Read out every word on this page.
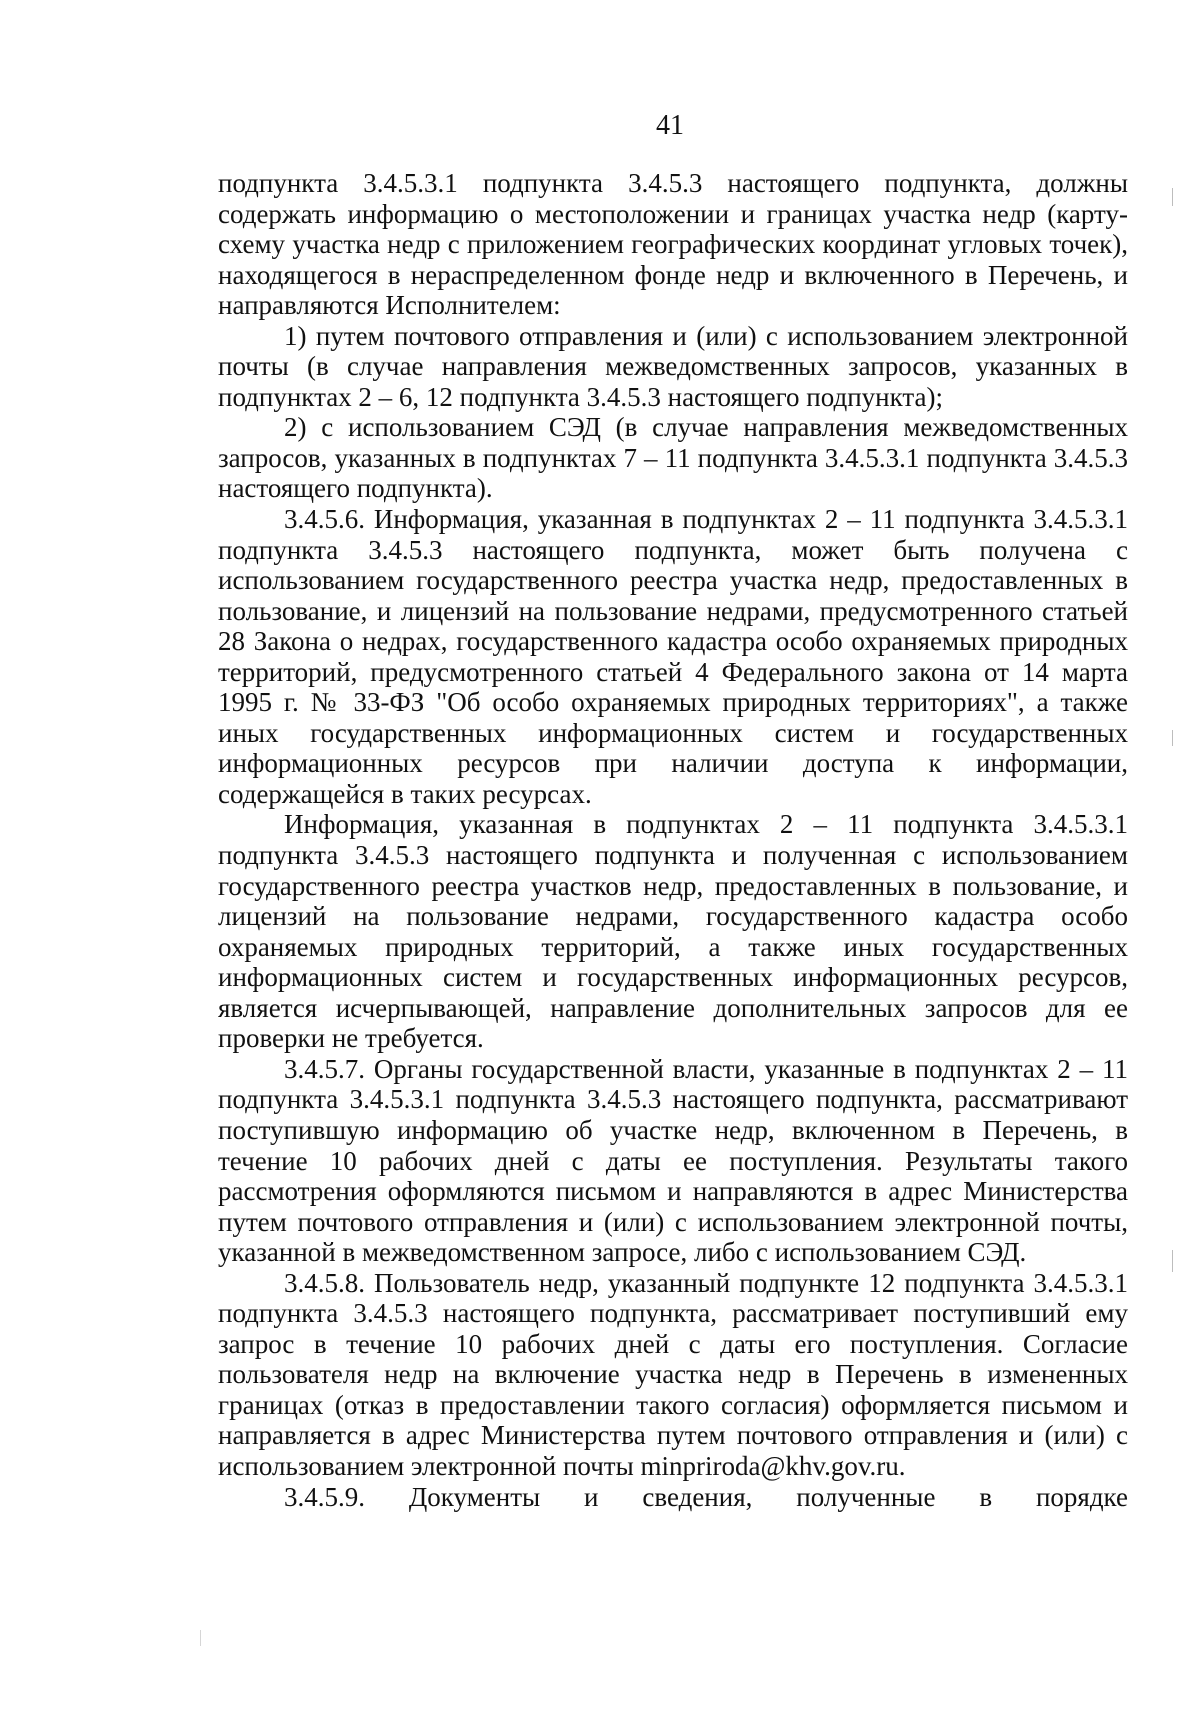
41

подпункта 3.4.5.3.1 подпункта 3.4.5.3 настоящего подпункта, должны содержать информацию о местоположении и границах участка недр (карту-схему участка недр с приложением географических координат угловых точек), находящегося в нераспределенном фонде недр и включенного в Перечень, и направляются Исполнителем:

1) путем почтового отправления и (или) с использованием электронной почты (в случае направления межведомственных запросов, указанных в подпунктах 2 – 6, 12 подпункта 3.4.5.3 настоящего подпункта);

2) с использованием СЭД (в случае направления межведомственных запросов, указанных в подпунктах 7 – 11 подпункта 3.4.5.3.1 подпункта 3.4.5.3 настоящего подпункта).

3.4.5.6. Информация, указанная в подпунктах 2 – 11 подпункта 3.4.5.3.1 подпункта 3.4.5.3 настоящего подпункта, может быть получена с использованием государственного реестра участка недр, предоставленных в пользование, и лицензий на пользование недрами, предусмотренного статьей 28 Закона о недрах, государственного кадастра особо охраняемых природных территорий, предусмотренного статьей 4 Федерального закона от 14 марта 1995 г. № 33-ФЗ "Об особо охраняемых природных территориях", а также иных государственных информационных систем и государственных информационных ресурсов при наличии доступа к информации, содержащейся в таких ресурсах.

Информация, указанная в подпунктах 2 – 11 подпункта 3.4.5.3.1 подпункта 3.4.5.3 настоящего подпункта и полученная с использованием государственного реестра участков недр, предоставленных в пользование, и лицензий на пользование недрами, государственного кадастра особо охраняемых природных территорий, а также иных государственных информационных систем и государственных информационных ресурсов, является исчерпывающей, направление дополнительных запросов для ее проверки не требуется.

3.4.5.7. Органы государственной власти, указанные в подпунктах 2 – 11 подпункта 3.4.5.3.1 подпункта 3.4.5.3 настоящего подпункта, рассматривают поступившую информацию об участке недр, включенном в Перечень, в течение 10 рабочих дней с даты ее поступления. Результаты такого рассмотрения оформляются письмом и направляются в адрес Министерства путем почтового отправления и (или) с использованием электронной почты, указанной в межведомственном запросе, либо с использованием СЭД.

3.4.5.8. Пользователь недр, указанный подпункте 12 подпункта 3.4.5.3.1 подпункта 3.4.5.3 настоящего подпункта, рассматривает поступивший ему запрос в течение 10 рабочих дней с даты его поступления. Согласие пользователя недр на включение участка недр в Перечень в измененных границах (отказ в предоставлении такого согласия) оформляется письмом и направляется в адрес Министерства путем почтового отправления и (или) с использованием электронной почты minpriroda@khv.gov.ru.

3.4.5.9. Документы и сведения, полученные в порядке
